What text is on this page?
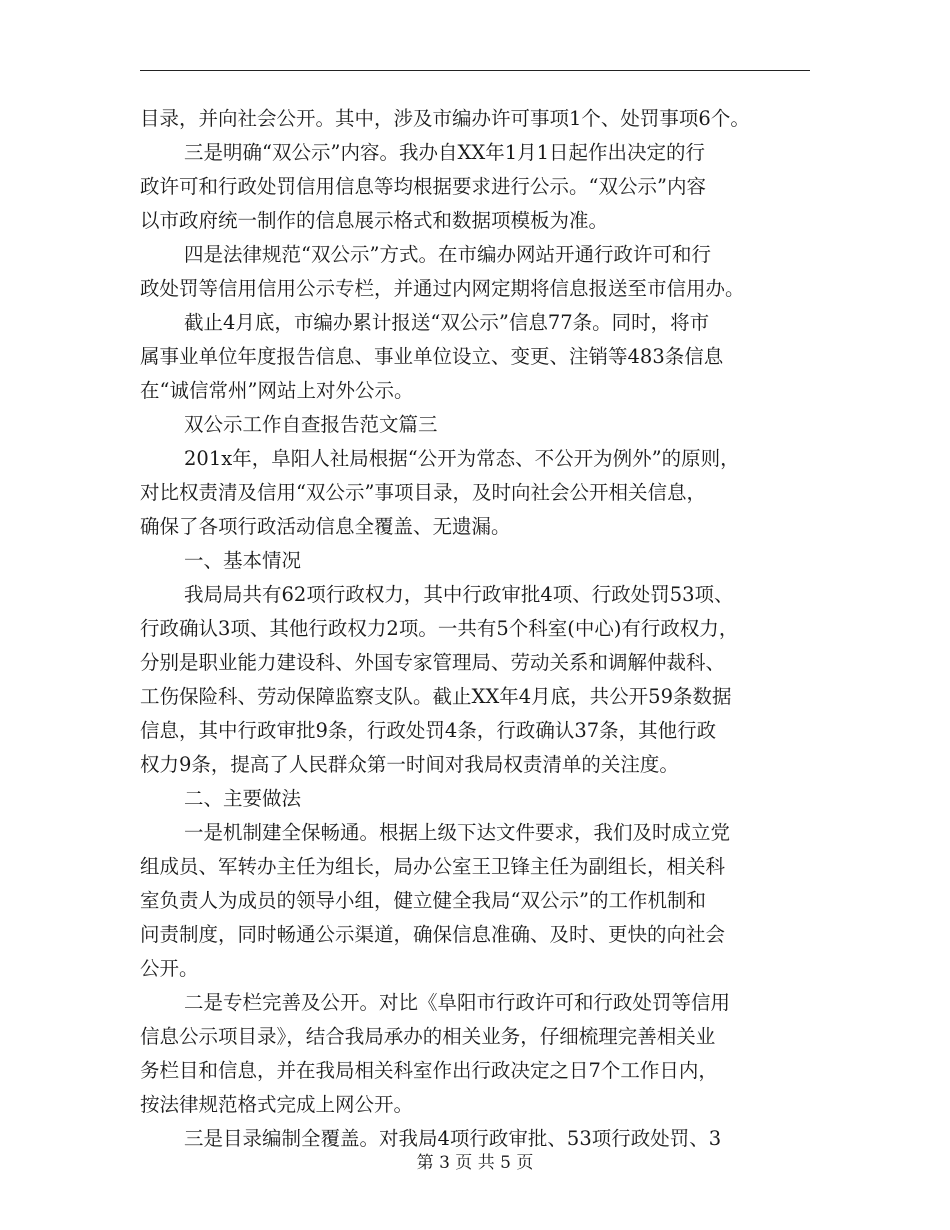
目录，并向社会公开。其中，涉及市编办许可事项1个、处罚事项6个。
三是明确“双公示”内容。我办自XX年1月1日起作出决定的行
政许可和行政处罚信用信息等均根据要求进行公示。“双公示”内容
以市政府统一制作的信息展示格式和数据项模板为准。
四是法律规范“双公示”方式。在市编办网站开通行政许可和行
政处罚等信用信用公示专栏，并通过内网定期将信息报送至市信用办。
截止4月底，市编办累计报送“双公示”信息77条。同时，将市
属事业单位年度报告信息、事业单位设立、变更、注销等483条信息
在“诚信常州”网站上对外公示。
双公示工作自查报告范文篇三
201x年，阜阳人社局根据“公开为常态、不公开为例外”的原则，
对比权责清及信用“双公示”事项目录，及时向社会公开相关信息，
确保了各项行政活动信息全覆盖、无遗漏。
一、基本情况
我局局共有62项行政权力，其中行政审批4项、行政处罚53项、
行政确认3项、其他行政权力2项。一共有5个科室(中心)有行政权力，
分别是职业能力建设科、外国专家管理局、劳动关系和调解仲裁科、
工伤保险科、劳动保障监察支队。截止XX年4月底，共公开59条数据
信息，其中行政审批9条，行政处罚4条，行政确认37条，其他行政
权力9条，提高了人民群众第一时间对我局权责清单的关注度。
二、主要做法
一是机制建全保畅通。根据上级下达文件要求，我们及时成立党
组成员、军转办主任为组长，局办公室王卫锋主任为副组长，相关科
室负责人为成员的领导小组，健立健全我局“双公示”的工作机制和
问责制度，同时畅通公示渠道，确保信息准确、及时、更快的向社会
公开。
二是专栏完善及公开。对比《阜阳市行政许可和行政处罚等信用
信息公示项目录》，结合我局承办的相关业务，仔细梳理完善相关业
务栏目和信息，并在我局相关科室作出行政决定之日7个工作日内，
按法律规范格式完成上网公开。
三是目录编制全覆盖。对我局4项行政审批、53项行政处罚、3
第 3 页 共 5 页
